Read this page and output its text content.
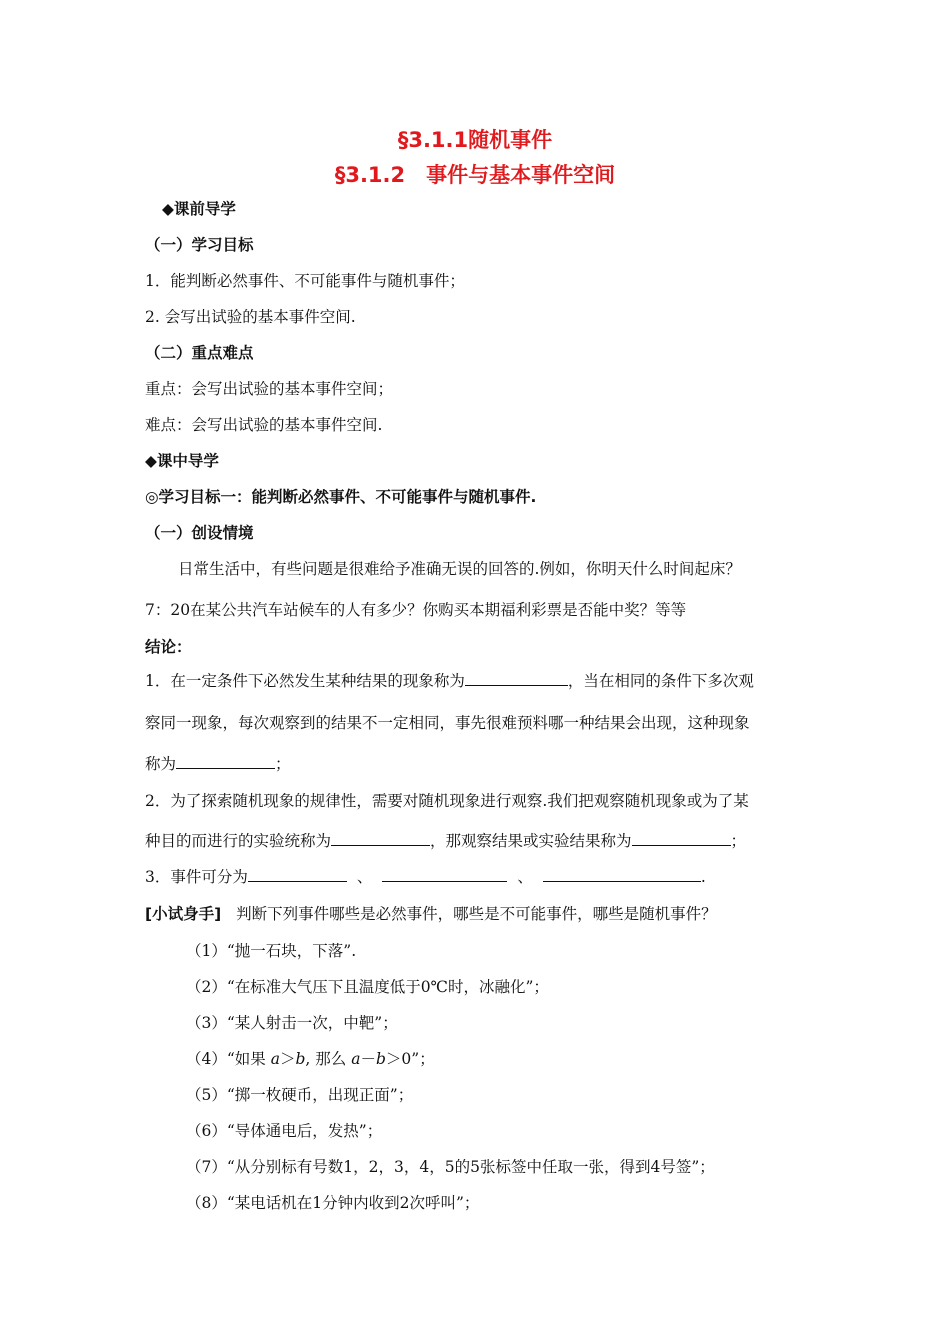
§3.1.1随机事件
§3.1.2　事件与基本事件空间
◆课前导学
（一）学习目标
1．能判断必然事件、不可能事件与随机事件；
2. 会写出试验的基本事件空间.
（二）重点难点
重点：会写出试验的基本事件空间；
难点：会写出试验的基本事件空间.
◆课中导学
◎学习目标一：能判断必然事件、不可能事件与随机事件.
（一）创设情境
日常生活中，有些问题是很难给予准确无误的回答的.例如，你明天什么时间起床？
7：20在某公共汽车站候车的人有多少？你购买本期福利彩票是否能中奖？等等
结论：
1．在一定条件下必然发生某种结果的现象称为	，当在相同的条件下多次观
察同一现象，每次观察到的结果不一定相同，事先很难预料哪一种结果会出现，这种现象
称为	；
2．为了探索随机现象的规律性，需要对随机现象进行观察.我们把观察随机现象或为了某
种目的而进行的实验统称为	，那观察结果或实验结果称为	；
3．事件可分为	、	、	.
[小试身手] 判断下列事件哪些是必然事件，哪些是不可能事件，哪些是随机事件？
（1）“抛一石块，下落”.
（2）“在标准大气压下且温度低于0℃时，冰融化”；
（3）“某人射击一次，中靶”；
（4）“如果 a＞b, 那么 a－b＞0”；
（5）“掷一枚硬币，出现正面”；
（6）“导体通电后，发热”；
（7）“从分别标有号数1，2，3，4，5的5张标签中任取一张，得到4号签”；
（8）“某电话机在1分钟内收到2次呼叫”；
